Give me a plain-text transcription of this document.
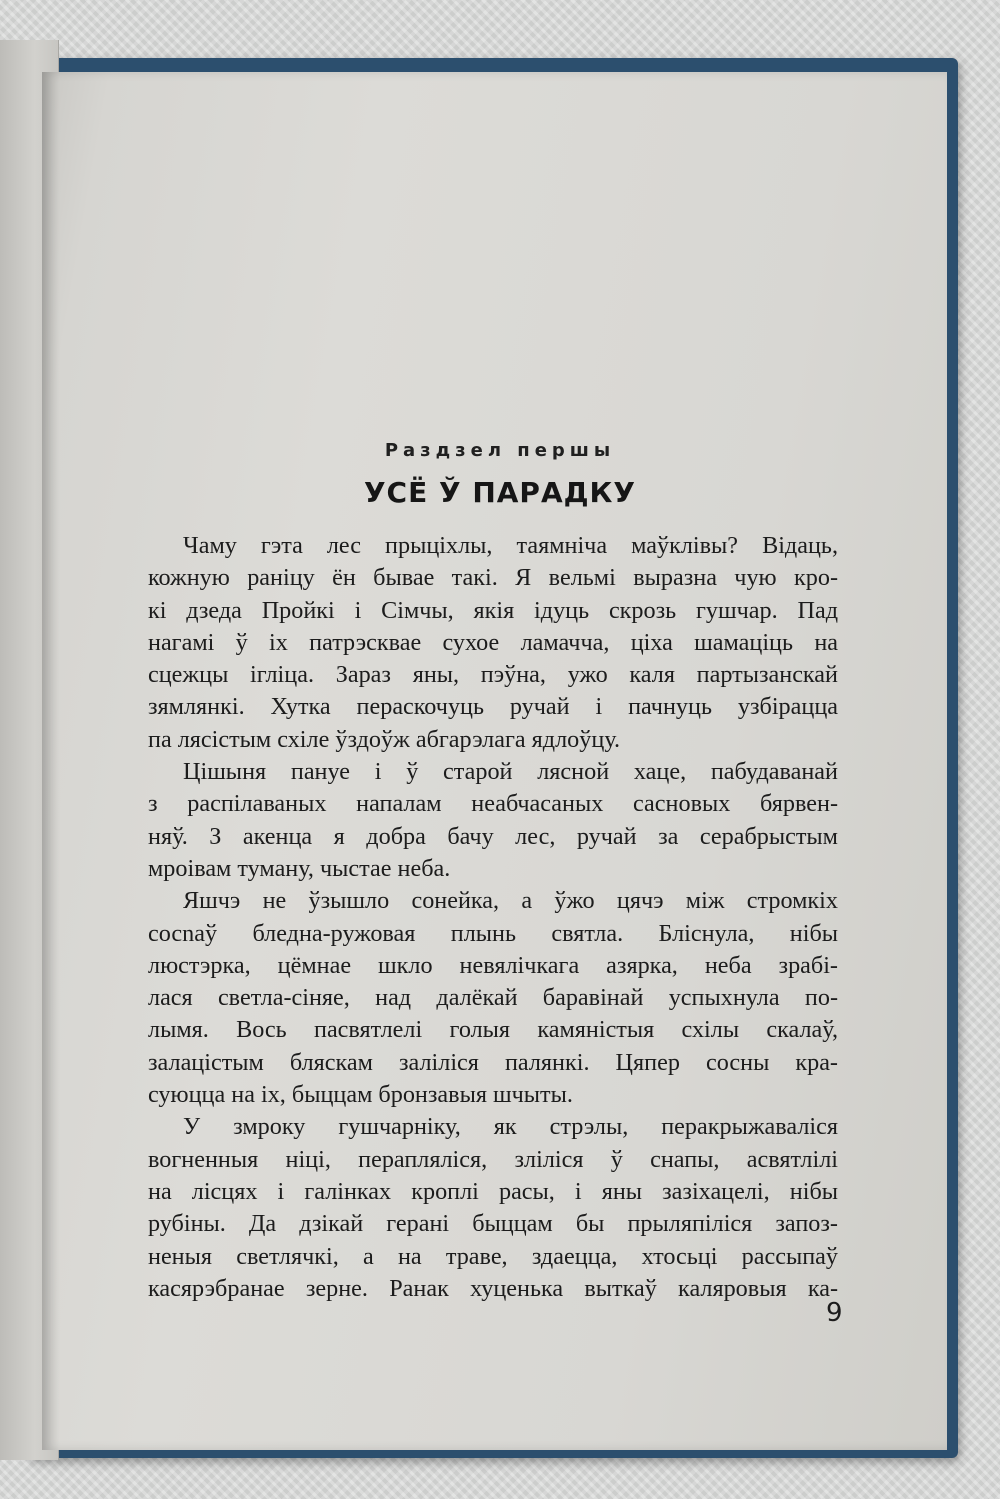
Раздзел першы
УСЁ Ў ПАРАДКУ
Чаму гэта лес прыціхлы, таямніча маўклівы? Відаць,
кожную раніцу ён бывае такі. Я вельмі выразна чую кро-
кі дзеда Пройкі і Сімчы, якія ідуць скрозь гушчар. Пад
нагамі ў іх патрэсквае сухое ламачча, ціха шамаціць на
сцежцы ігліца. Зараз яны, пэўна, ужо каля партызанскай
зямлянкі. Хутка пераскочуць ручай і пачнуць узбірацца
па лясістым схіле ўздоўж абгарэлага ядлоўцу.
Цішыня пануе і ў старой лясной хаце, пабудаванай
з распілаваных напалам неабчасаных сасновых бярвен-
няў. З акенца я добра бачу лес, ручай за серабрыстым
мроівам туману, чыстае неба.
Яшчэ не ўзышло сонейка, а ўжо цячэ між стромкіх
сосnaў бледна-ружовая плынь святла. Бліснула, нібы
люстэрка, цёмнае шкло невялічкага азярка, неба зрабі-
лася светла-сіняе, над далёкай баравінай успыхнула по-
лымя. Вось пасвятлелі голыя камяністыя схілы скалаў,
залацістым бляскам заліліся палянкі. Цяпер сосны кра-
суюцца на іх, быццам бронзавыя шчыты.
У змроку гушчарніку, як стрэлы, перакрыжаваліся
вогненныя ніці, перапляліся, зліліся ў снапы, асвятлілі
на лісцях і галінках кроплі расы, і яны зазіхацелі, нібы
рубіны. Да дзікай герані быццам бы прыляпіліся запоз-
неныя светлячкі, а на траве, здаецца, хтосьці рассыпаў
касярэбранае зерне. Ранак хуценька выткаў каляровыя ка-
9
